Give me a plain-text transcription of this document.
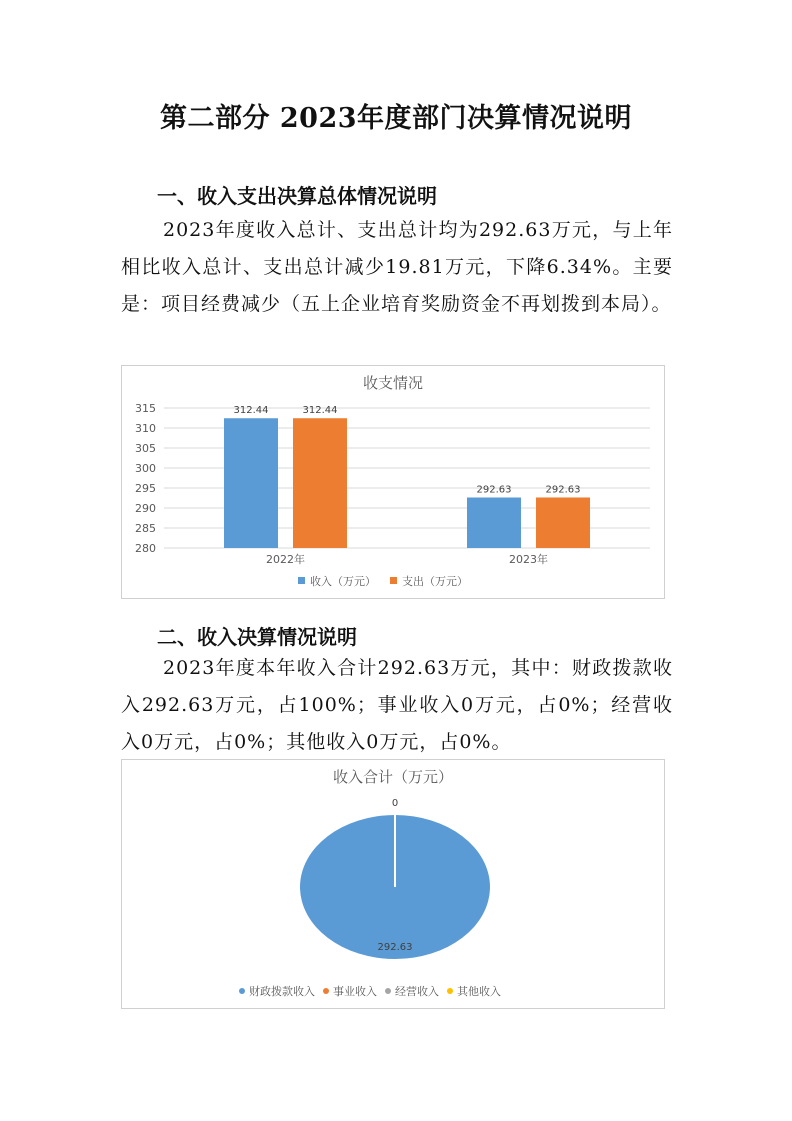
第二部分 2023年度部门决算情况说明
一、收入支出决算总体情况说明
2023年度收入总计、支出总计均为292.63万元，与上年相比收入总计、支出总计减少19.81万元，下降6.34%。主要是：项目经费减少（五上企业培育奖励资金不再划拨到本局）。
收支情况
280
285
290
295
300
305
310
315
2022年
312.44	312.44
2023年
292.63	292.63
收入（万元） 支出（万元）
二、收入决算情况说明
2023年度本年收入合计292.63万元，其中：财政拨款收入292.63万元，占100%；事业收入0万元，占0%；经营收入0万元，占0%；其他收入0万元，占0%。
收入合计（万元）
0
292.63
财政拨款收入 事业收入 经营收入 其他收入
